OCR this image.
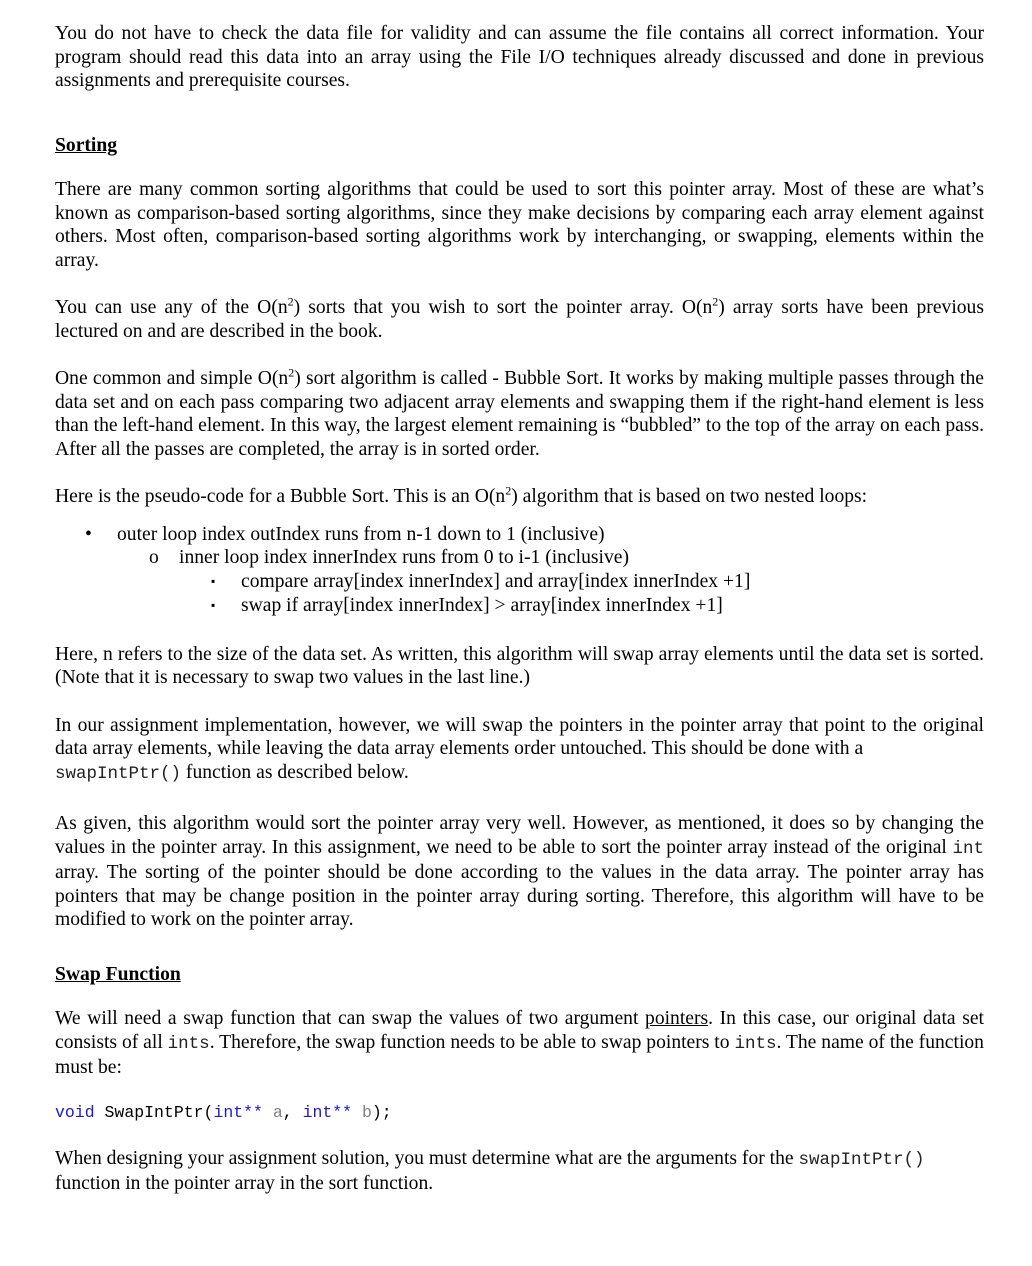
You do not have to check the data file for validity and can assume the file contains all correct information. Your program should read this data into an array using the File I/O techniques already discussed and done in previous assignments and prerequisite courses.

Sorting

There are many common sorting algorithms that could be used to sort this pointer array. Most of these are what’s known as comparison-based sorting algorithms, since they make decisions by comparing each array element against others. Most often, comparison-based sorting algorithms work by interchanging, or swapping, elements within the array.

You can use any of the $O(n^2)$ sorts that you wish to sort the pointer array. $O(n^2)$ array sorts have been previous lectured on and are described in the book.

One common and simple $O(n^2)$ sort algorithm is called - Bubble Sort. It works by making multiple passes through the data set and on each pass comparing two adjacent array elements and swapping them if the right-hand element is less than the left-hand element. In this way, the largest element remaining is “bubbled” to the top of the array on each pass. After all the passes are completed, the array is in sorted order.

Here is the pseudo-code for a Bubble Sort. This is an $O(n^2)$ algorithm that is based on two nested loops:

• outer loop index outIndex runs from n-1 down to 1 (inclusive)
o inner loop index innerIndex runs from 0 to i-1 (inclusive)
▪ compare array[index innerIndex] and array[index innerIndex +1]
▪ swap if array[index innerIndex] > array[index innerIndex +1]

Here, n refers to the size of the data set. As written, this algorithm will swap array elements until the data set is sorted. (Note that it is necessary to swap two values in the last line.)

In our assignment implementation, however, we will swap the pointers in the pointer array that point to the original data array elements, while leaving the data array elements order untouched. This should be done with a
swapIntPtr() function as described below.

As given, this algorithm would sort the pointer array very well. However, as mentioned, it does so by changing the values in the pointer array. In this assignment, we need to be able to sort the pointer array instead of the original int array. The sorting of the pointer should be done according to the values in the data array. The pointer array has pointers that may be change position in the pointer array during sorting. Therefore, this algorithm will have to be modified to work on the pointer array.

Swap Function

We will need a swap function that can swap the values of two argument pointers. In this case, our original data set consists of all ints. Therefore, the swap function needs to be able to swap pointers to ints. The name of the function must be:

void SwapIntPtr(int** a, int** b);

When designing your assignment solution, you must determine what are the arguments for the swapIntPtr()
function in the pointer array in the sort function.
